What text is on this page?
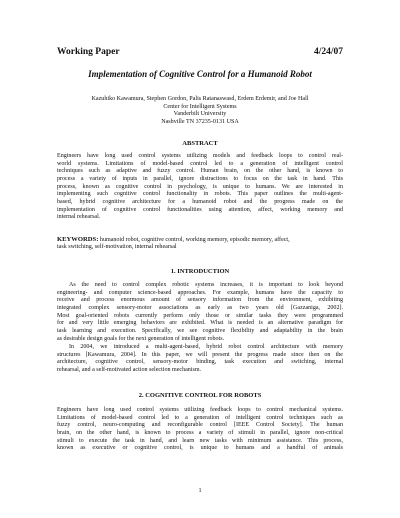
Working Paper	4/24/07
Implementation of Cognitive Control for a Humanoid Robot
Kazuhiko Kawamura, Stephen Gordon, Palis Ratanaswasd, Erdem Erdemir, and Joe Hall
Center for Intelligent Systems
Vanderbilt University
Nashville TN 37235-0131 USA
ABSTRACT
Engineers have long used control systems utilizing models and feedback loops to control real-
world systems. Limitations of model-based control led to a generation of intelligent control
techniques such as adaptive and fuzzy control. Human brain, on the other hand, is known to
process a variety of inputs in parallel, ignore distractions to focus on the task in hand. This
process, known as cognitive control in psychology, is unique to humans. We are interested in
implementing such cognitive control functionality in robots. This paper outlines the multi-agent-
based, hybrid cognitive architecture for a humanoid robot and the progress made on the
implementation of cognitive control functionalities using attention, affect, working memory and
internal rehearsal.
KEYWORDS: humanoid robot, cognitive control, working memory, episodic memory, affect,
task switching, self-motivation, internal rehearsal
1. INTRODUCTION
As the need to control complex robotic systems increases, it is important to look beyond
engineering- and computer science-based approaches. For example, humans have the capacity to
receive and process enormous amount of sensory information from the environment, exhibiting
integrated complex sensory-motor associations as early as two years old [Gazzaniga, 2002].
Most goal-oriented robots currently perform only those or similar tasks they were programmed
for and very little emerging behaviors are exhibited. What is needed is an alternative paradigm for
task learning and execution. Specifically, we see cognitive flexibility and adaptability in the brain
as desirable design goals for the next generation of intelligent robots.
In 2004, we introduced a multi-agent-based, hybrid robot control architecture with memory
structures [Kawamura, 2004]. In this paper, we will present the progress made since then on the
architecture, cognitive control, sensory-motor binding, task execution and switching, internal
rehearsal, and a self-motivated action selection mechanism.
2. COGNITIVE CONTROL FOR ROBOTS
Engineers have long used control systems utilizing feedback loops to control mechanical systems.
Limitations of model-based control led to a generation of intelligent control techniques such as
fuzzy control, neuro-computing and reconfigurable control [IEEE Control Society]. The human
brain, on the other hand, is known to process a variety of stimuli in parallel, ignore non-critical
stimuli to execute the task in hand, and learn new tasks with minimum assistance. This process,
known as executive or cognitive control, is unique to humans and a handful of animals
1
